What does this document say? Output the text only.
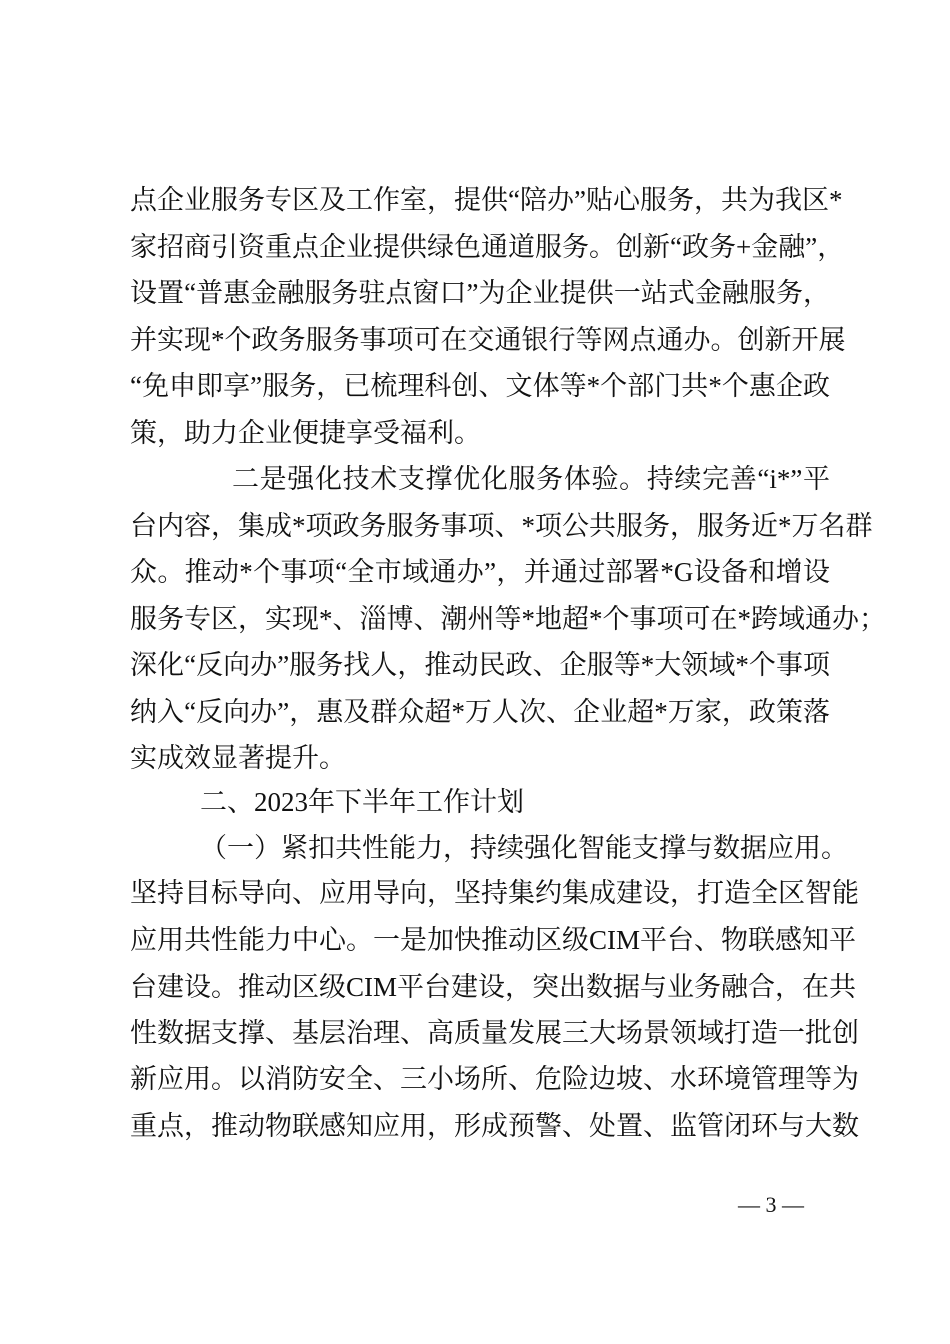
点企业服务专区及工作室，提供“陪办”贴心服务，共为我区*
家招商引资重点企业提供绿色通道服务。创新“政务+金融”，
设置“普惠金融服务驻点窗口”为企业提供一站式金融服务，
并实现*个政务服务事项可在交通银行等网点通办。创新开展
“免申即享”服务，已梳理科创、文体等*个部门共*个惠企政
策，助力企业便捷享受福利。
二是强化技术支撑优化服务体验。持续完善“i*”平
台内容，集成*项政务服务事项、*项公共服务，服务近*万名群
众。推动*个事项“全市域通办”，并通过部署*G设备和增设
服务专区，实现*、淄博、潮州等*地超*个事项可在*跨域通办；
深化“反向办”服务找人，推动民政、企服等*大领域*个事项
纳入“反向办”，惠及群众超*万人次、企业超*万家，政策落
实成效显著提升。
二、2023年下半年工作计划
（一）紧扣共性能力，持续强化智能支撑与数据应用。
坚持目标导向、应用导向，坚持集约集成建设，打造全区智能
应用共性能力中心。一是加快推动区级CIM平台、物联感知平
台建设。推动区级CIM平台建设，突出数据与业务融合，在共
性数据支撑、基层治理、高质量发展三大场景领域打造一批创
新应用。以消防安全、三小场所、危险边坡、水环境管理等为
重点，推动物联感知应用，形成预警、处置、监管闭环与大数
— 3 —
